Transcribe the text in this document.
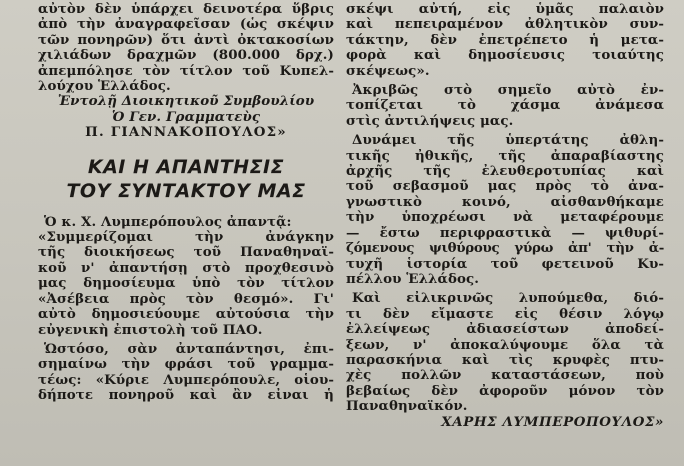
αὐτὸν δὲν ὑπάρχει δεινοτέρα ὕβρις
ἀπὸ τὴν ἀναγραφεῖσαν (ὡς σκέψιν
τῶν πονηρῶν) ὅτι ἀντὶ ὀκτακοσίων
χιλιάδων δραχμῶν (800.000 δρχ.)
ἀπεμπόλησε τὸν τίτλον τοῦ Κυπελ-
λούχου Ἑλλάδος.
Ἐντολῇ Διοικητικοῦ Συμβουλίου
Ὁ Γεν. Γραμματεὺς
Π. ΓΙΑΝΝΑΚΟΠΟΥΛΟΣ»
ΚΑΙ Η ΑΠΑΝΤΗΣΙΣ
ΤΟΥ ΣΥΝΤΑΚΤΟΥ ΜΑΣ
Ὁ κ. Χ. Λυμπερόπουλος ἀπαντᾷ:
«Συμμερίζομαι τὴν ἀνάγκην
τῆς διοικήσεως τοῦ Παναθηναϊ-
κοῦ ν' ἀπαντήσῃ στὸ προχθεσινὸ
μας δημοσίευμα ὑπὸ τὸν τίτλον
«Ἀσέβεια πρὸς τὸν θεσμό». Γι'
αὐτὸ δημοσιεύουμε αὐτούσια τὴν
εὐγενικὴ ἐπιστολὴ τοῦ ΠΑΟ.
Ὡστόσο, σὰν ἀνταπάντησι, ἐπι-
σημαίνω τὴν φράσι τοῦ γραμμα-
τέως: «Κύριε Λυμπερόπουλε, οἱου-
δήποτε πονηροῦ καὶ ἂν εἶναι ἡ
σκέψι αὐτή, εἰς ὑμᾶς παλαιὸν
καὶ πεπειραμένον ἀθλητικὸν συν-
τάκτην, δὲν ἐπετρέπετο ἡ μετα-
φορὰ καὶ δημοσίευσις τοιαύτης
σκέψεως».
Ἀκριβῶς στὸ σημεῖο αὐτὸ ἐν-
τοπίζεται τὸ χάσμα ἀνάμεσα
στὶς ἀντιλήψεις μας.
Δυνάμει τῆς ὑπερτάτης ἀθλη-
τικῆς ἠθικῆς, τῆς ἀπαραβίαστης
ἀρχῆς τῆς ἐλευθεροτυπίας καὶ
τοῦ σεβασμοῦ μας πρὸς τὸ ἀνα-
γνωστικὸ κοινό, αἰσθανθήκαμε
τὴν ὑποχρέωσι νὰ μεταφέρουμε
— ἔστω περιφραστικὰ — ψιθυρί-
ζόμενους ψιθύρους γύρω ἀπ' τὴν ἀ-
τυχῆ ἱστορία τοῦ φετεινοῦ Κυ-
πέλλου Ἑλλάδος.
Καὶ εἰλικρινῶς λυπούμεθα, διό-
τι δὲν εἴμαστε εἰς θέσιν λόγῳ
ἐλλείψεως ἀδιασείστων ἀποδεί-
ξεων, ν' ἀποκαλύψουμε ὅλα τὰ
παρασκήνια καὶ τὶς κρυφὲς πτυ-
χὲς πολλῶν καταστάσεων, ποὺ
βεβαίως δὲν ἀφοροῦν μόνον τὸν
Παναθηναϊκόν.
ΧΑΡΗΣ ΛΥΜΠΕΡΟΠΟΥΛΟΣ»
